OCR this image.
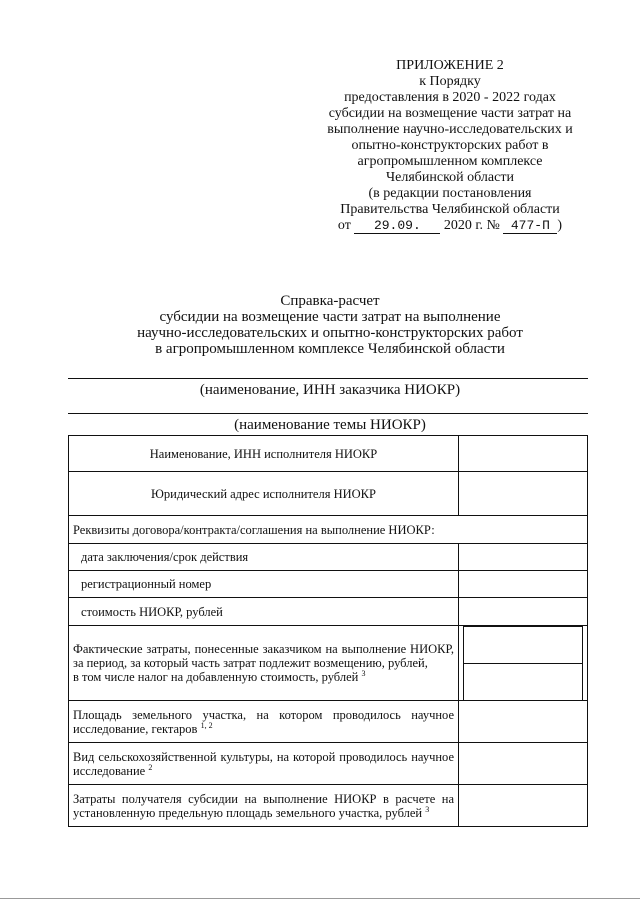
ПРИЛОЖЕНИЕ 2
к Порядку
предоставления в 2020 - 2022 годах
субсидии на возмещение части затрат на
выполнение научно-исследовательских и
опытно-конструкторских работ в
агропромышленном комплексе
Челябинской области
(в редакции постановления
Правительства Челябинской области
от 29.09. 2020 г. № 477-П )
Справка-расчет
субсидии на возмещение части затрат на выполнение
научно-исследовательских и опытно-конструкторских работ
в агропромышленном комплексе Челябинской области
(наименование, ИНН заказчика НИОКР)
(наименование темы НИОКР)
Наименование, ИНН исполнителя НИОКР	
Юридический адрес исполнителя НИОКР	
Реквизиты договора/контракта/соглашения на выполнение НИОКР:
дата заключения/срок действия	
регистрационный номер	
стоимость НИОКР, рублей	
Фактические затраты, понесенные заказчиком на выполнение НИОКР, за период, за который часть затрат подлежит возмещению, рублей,
в том числе налог на добавленную стоимость, рублей $^3$	

Площадь земельного участка, на котором проводилось научное исследование, гектаров $^{1, 2}$	
Вид сельскохозяйственной культуры, на которой проводилось научное исследование $^2$	
Затраты получателя субсидии на выполнение НИОКР в расчете на установленную предельную площадь земельного участка, рублей $^3$	
